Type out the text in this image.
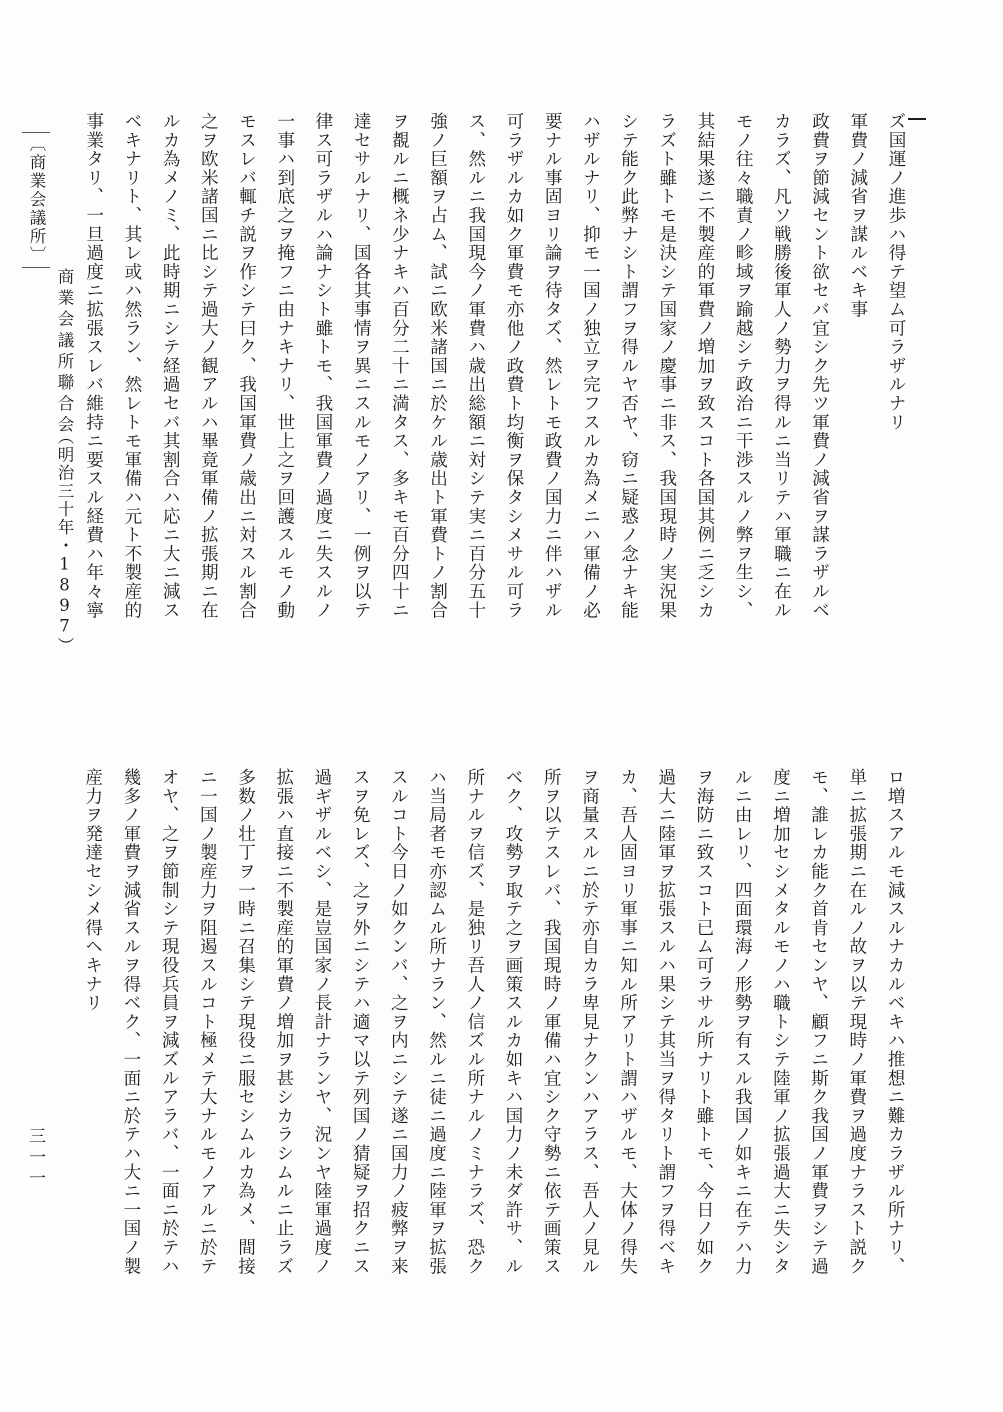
ズ国運ノ進歩ハ得テ望ム可ラザルナリ
軍費ノ減省ヲ謀ルベキ事
政費ヲ節減セント欲セバ宜シク先ツ軍費ノ減省ヲ謀ラザルベ
カラズ、凡ソ戦勝後軍人ノ勢力ヲ得ルニ当リテハ軍職ニ在ル
モノ往々職責ノ畛域ヲ踰越シテ政治ニ干渉スルノ弊ヲ生シ、
其結果遂ニ不製産的軍費ノ増加ヲ致スコト各国其例ニ乏シカ
ラズト雖トモ是決シテ国家ノ慶事ニ非ス、我国現時ノ実況果
シテ能ク此弊ナシト謂フヲ得ルヤ否ヤ、窃ニ疑惑ノ念ナキ能
ハザルナリ、抑モ一国ノ独立ヲ完フスルカ為メニハ軍備ノ必
要ナル事固ヨリ論ヲ待タズ、然レトモ政費ノ国力ニ伴ハザル
可ラザルカ如ク軍費モ亦他ノ政費ト均衡ヲ保タシメサル可ラ
ス、然ルニ我国現今ノ軍費ハ歳出総額ニ対シテ実ニ百分五十
強ノ巨額ヲ占ム、試ニ欧米諸国ニ於ケル歳出ト軍費トノ割合
ヲ覩ルニ概ネ少ナキハ百分二十ニ満タス、多キモ百分四十ニ
達セサルナリ、国各其事情ヲ異ニスルモノアリ、一例ヲ以テ
律ス可ラザルハ論ナシト雖トモ、我国軍費ノ過度ニ失スルノ
一事ハ到底之ヲ掩フニ由ナキナリ、世上之ヲ回護スルモノ動
モスレバ輒チ説ヲ作シテ曰ク、我国軍費ノ歳出ニ対スル割合
之ヲ欧米諸国ニ比シテ過大ノ観アルハ畢竟軍備ノ拡張期ニ在
ルカ為メノミ、此時期ニシテ経過セバ其割合ハ応ニ大ニ減ス
ベキナリト、其レ或ハ然ラン、然レトモ軍備ハ元ト不製産的
事業タリ、一旦過度ニ拡張スレバ維持ニ要スル経費ハ年々寧
ロ増スアルモ減スルナカルベキハ推想ニ難カラザル所ナリ、
単ニ拡張期ニ在ルノ故ヲ以テ現時ノ軍費ヲ過度ナラスト説ク
モ、誰レカ能ク首肯センヤ、顧フニ斯ク我国ノ軍費ヲシテ過
度ニ増加セシメタルモノハ職トシテ陸軍ノ拡張過大ニ失シタ
ルニ由レリ、四面環海ノ形勢ヲ有スル我国ノ如キニ在テハ力
ヲ海防ニ致スコト已ム可ラサル所ナリト雖トモ、今日ノ如ク
過大ニ陸軍ヲ拡張スルハ果シテ其当ヲ得タリト謂フヲ得ベキ
カ、吾人固ヨリ軍事ニ知ル所アリト謂ハザルモ、大体ノ得失
ヲ商量スルニ於テ亦自カラ卑見ナクンハアラス、吾人ノ見ル
所ヲ以テスレバ、我国現時ノ軍備ハ宜シク守勢ニ依テ画策ス
ベク、攻勢ヲ取テ之ヲ画策スルカ如キハ国力ノ未ダ許サ、ル
所ナルヲ信ズ、是独リ吾人ノ信ズル所ナルノミナラズ、恐ク
ハ当局者モ亦認ムル所ナラン、然ルニ徒ニ過度ニ陸軍ヲ拡張
スルコト今日ノ如クンバ、之ヲ内ニシテ遂ニ国力ノ疲弊ヲ来
スヲ免レズ、之ヲ外ニシテハ適マ以テ列国ノ猜疑ヲ招クニス
過ギザルベシ、是豈国家ノ長計ナランヤ、況ンヤ陸軍過度ノ
拡張ハ直接ニ不製産的軍費ノ増加ヲ甚シカラシムルニ止ラズ
多数ノ壮丁ヲ一時ニ召集シテ現役ニ服セシムルカ為メ、間接
ニ一国ノ製産力ヲ阻遏スルコト極メテ大ナルモノアルニ於テ
オヤ、之ヲ節制シテ現役兵員ヲ減ズルアラバ、一面ニ於テハ
幾多ノ軍費ヲ減省スルヲ得ベク、一面ニ於テハ大ニ一国ノ製
産力ヲ発達セシメ得ヘキナリ
〔商業会議所〕
商業会議所聯合会
（明治三十年・1897）
三一一
